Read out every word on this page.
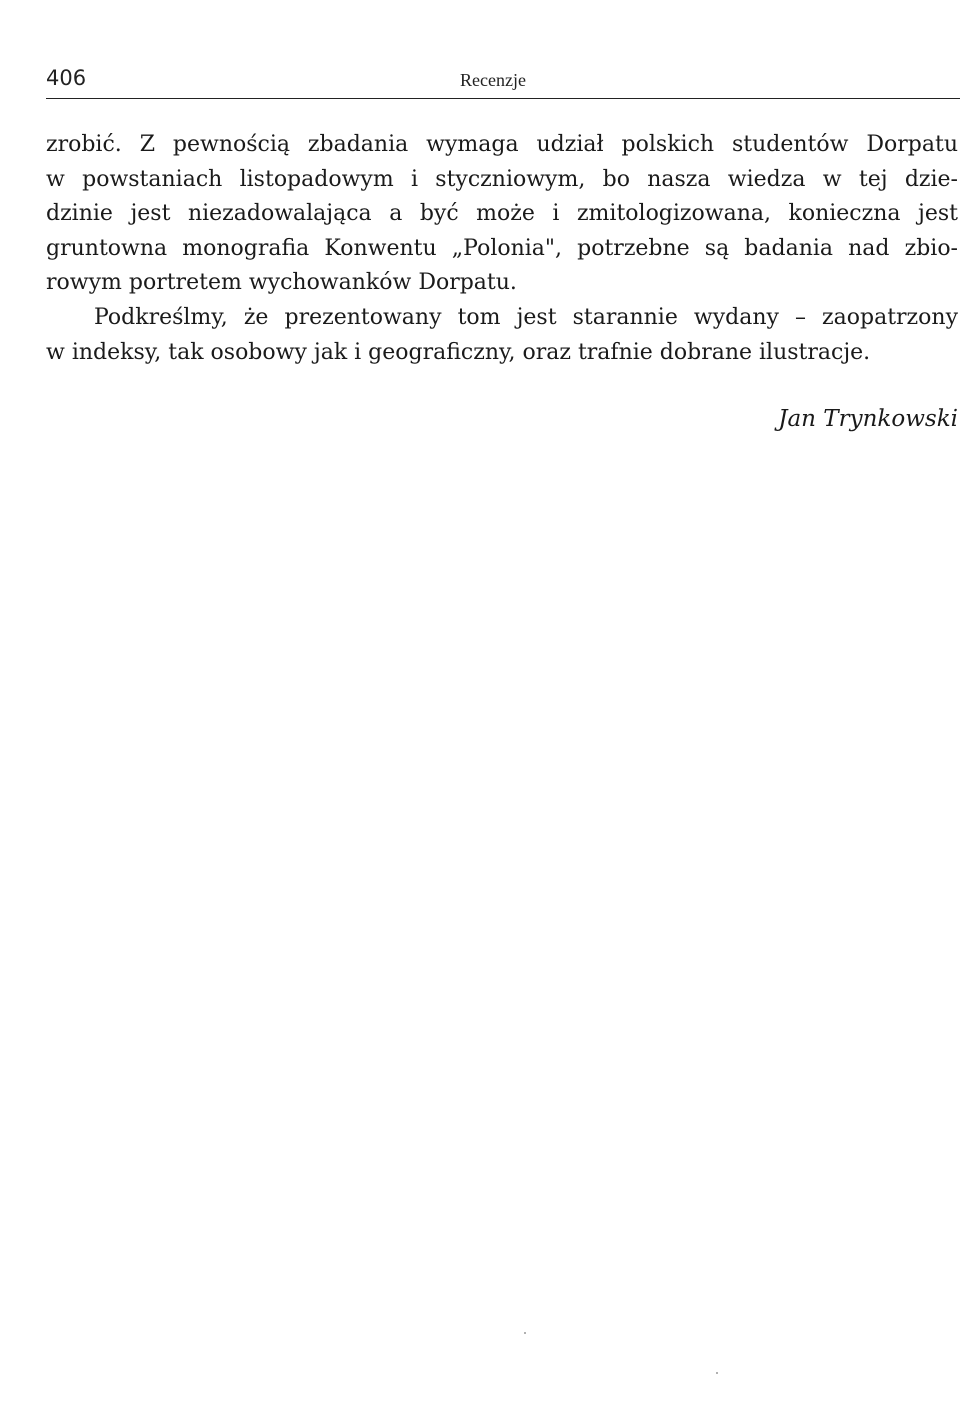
406	Recenzje
zrobić. Z pewnością zbadania wymaga udział polskich studentów Dorpatu
w powstaniach listopadowym i styczniowym, bo nasza wiedza w tej dzie-
dzinie jest niezadowalająca a być może i zmitologizowana, konieczna jest
gruntowna monografia Konwentu „Polonia", potrzebne są badania nad zbio-
rowym portretem wychowanków Dorpatu.
Podkreślmy, że prezentowany tom jest starannie wydany – zaopatrzony
w indeksy, tak osobowy jak i geograficzny, oraz trafnie dobrane ilustracje.
Jan Trynkowski
